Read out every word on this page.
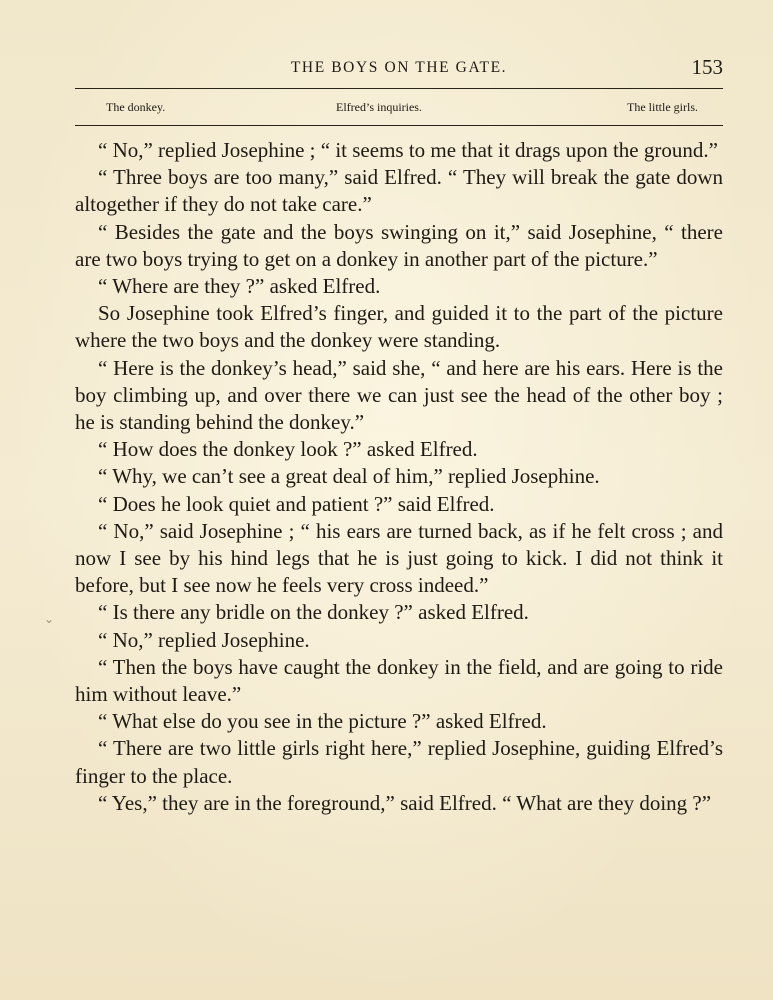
THE BOYS ON THE GATE.	153
The donkey.	Elfred’s inquiries.	The little girls.
⌄

“ No,” replied Josephine ; “ it seems to me that it drags upon the ground.”

“ Three boys are too many,” said Elfred. “ They will break the gate down altogether if they do not take care.”

“ Besides the gate and the boys swinging on it,” said Josephine, “ there are two boys trying to get on a donkey in another part of the picture.”

“ Where are they ?” asked Elfred.

So Josephine took Elfred’s finger, and guided it to the part of the picture where the two boys and the donkey were standing.

“ Here is the donkey’s head,” said she, “ and here are his ears. Here is the boy climbing up, and over there we can just see the head of the other boy ; he is standing behind the donkey.”

“ How does the donkey look ?” asked Elfred.

“ Why, we can’t see a great deal of him,” replied Josephine.

“ Does he look quiet and patient ?” said Elfred.

“ No,” said Josephine ; “ his ears are turned back, as if he felt cross ; and now I see by his hind legs that he is just going to kick. I did not think it before, but I see now he feels very cross indeed.”

“ Is there any bridle on the donkey ?” asked Elfred.

“ No,” replied Josephine.

“ Then the boys have caught the donkey in the field, and are going to ride him without leave.”

“ What else do you see in the picture ?” asked Elfred.

“ There are two little girls right here,” replied Josephine, guiding Elfred’s finger to the place.

“ Yes,” they are in the foreground,” said Elfred. “ What are they doing ?”
